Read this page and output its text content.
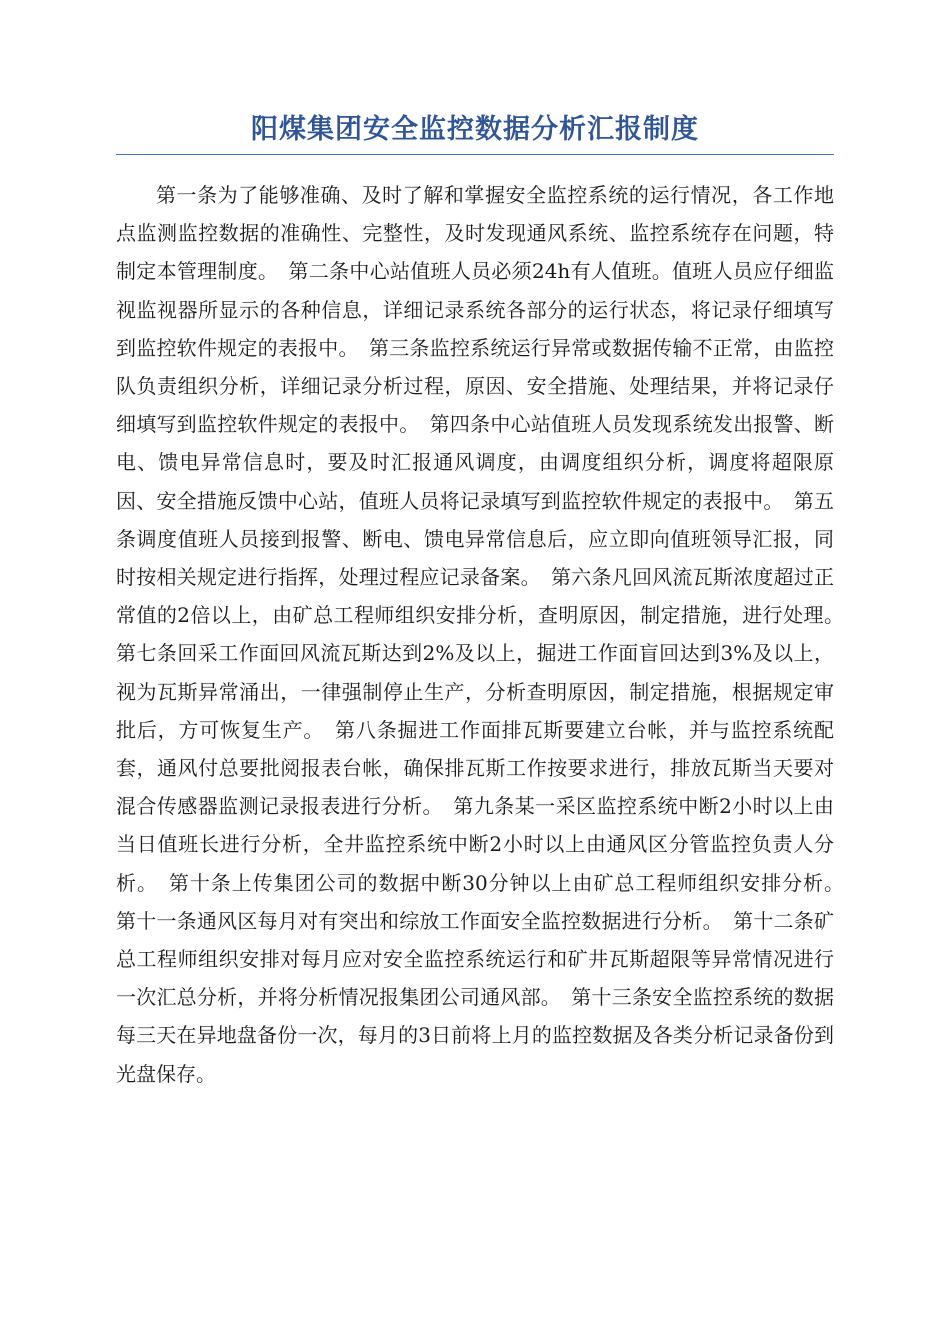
阳煤集团安全监控数据分析汇报制度

第一条为了能够准确、及时了解和掌握安全监控系统的运行情况，各工作地点监测监控数据的准确性、完整性，及时发现通风系统、监控系统存在问题，特制定本管理制度。　第二条中心站值班人员必须24h有人值班。值班人员应仔细监视监视器所显示的各种信息，详细记录系统各部分的运行状态，将记录仔细填写到监控软件规定的表报中。　第三条监控系统运行异常或数据传输不正常，由监控队负责组织分析，详细记录分析过程，原因、安全措施、处理结果，并将记录仔细填写到监控软件规定的表报中。　第四条中心站值班人员发现系统发出报警、断电、馈电异常信息时，要及时汇报通风调度，由调度组织分析，调度将超限原因、安全措施反馈中心站，值班人员将记录填写到监控软件规定的表报中。　第五条调度值班人员接到报警、断电、馈电异常信息后，应立即向值班领导汇报，同时按相关规定进行指挥，处理过程应记录备案。　第六条凡回风流瓦斯浓度超过正常值的2倍以上，由矿总工程师组织安排分析，查明原因，制定措施，进行处理。　第七条回采工作面回风流瓦斯达到2%及以上，掘进工作面盲回达到3%及以上，视为瓦斯异常涌出，一律强制停止生产，分析查明原因，制定措施，根据规定审批后，方可恢复生产。　第八条掘进工作面排瓦斯要建立台帐，并与监控系统配套，通风付总要批阅报表台帐，确保排瓦斯工作按要求进行，排放瓦斯当天要对混合传感器监测记录报表进行分析。　第九条某一采区监控系统中断2小时以上由当日值班长进行分析，全井监控系统中断2小时以上由通风区分管监控负责人分析。　第十条上传集团公司的数据中断30分钟以上由矿总工程师组织安排分析。　第十一条通风区每月对有突出和综放工作面安全监控数据进行分析。　第十二条矿总工程师组织安排对每月应对安全监控系统运行和矿井瓦斯超限等异常情况进行一次汇总分析，并将分析情况报集团公司通风部。　第十三条安全监控系统的数据每三天在异地盘备份一次，每月的3日前将上月的监控数据及各类分析记录备份到光盘保存。
